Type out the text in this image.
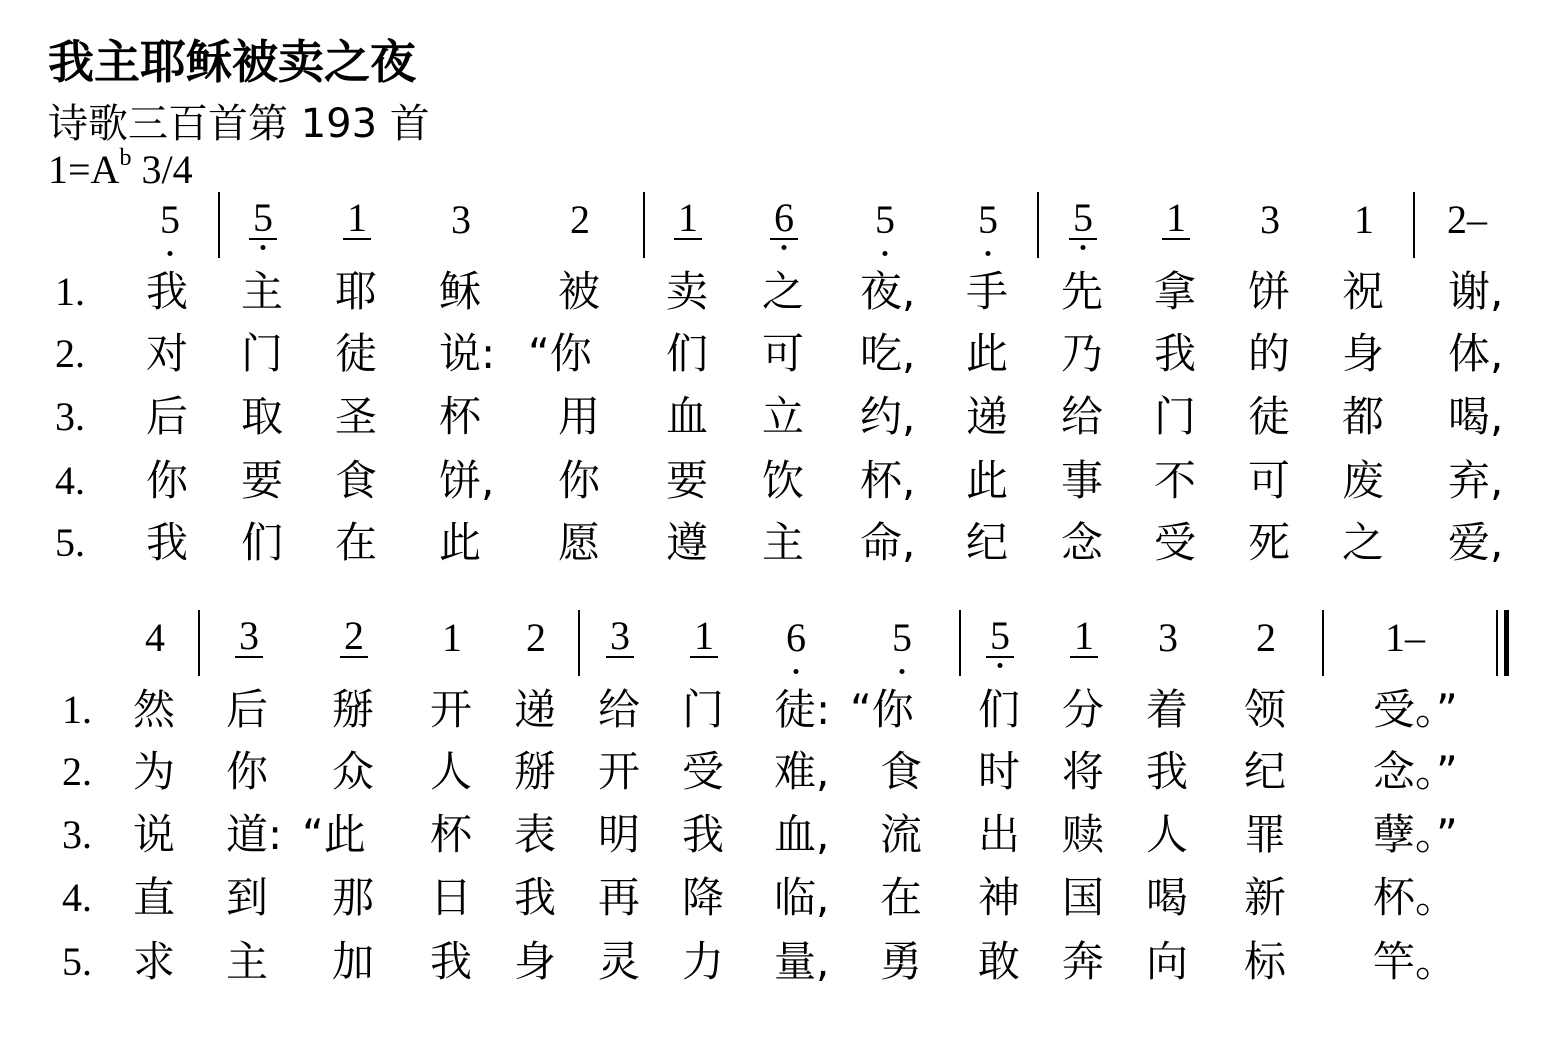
我主耶稣被卖之夜
诗歌三百首第 193 首
$1=A^b$ 3/4
5 5 1 3 2 1 6 5 5 5 1 3 1 2–
1. 我 主 耶 稣 被 卖 之 夜, 手 先 拿 饼 祝 谢,
2. 对 门 徒 说: “你 们 可 吃, 此 乃 我 的 身 体,
3. 后 取 圣 杯 用 血 立 约, 递 给 门 徒 都 喝,
4. 你 要 食 饼, 你 要 饮 杯, 此 事 不 可 废 弃,
5. 我 们 在 此 愿 遵 主 命, 纪 念 受 死 之 爱,
4 3 2 1 2 3 1 6 5 5 1 3 2	1–
1. 然 后 掰 开 递 给 门 徒: “你 们 分 着 领 受。”
2. 为 你 众 人 掰 开 受 难, 食 时 将 我 纪 念。”
3. 说 道: “此 杯 表 明 我 血, 流 出 赎 人 罪 孽。”
4. 直 到 那 日 我 再 降 临, 在 神 国 喝 新 杯。
5. 求 主 加 我 身 灵 力 量, 勇 敢 奔 向 标 竿。
